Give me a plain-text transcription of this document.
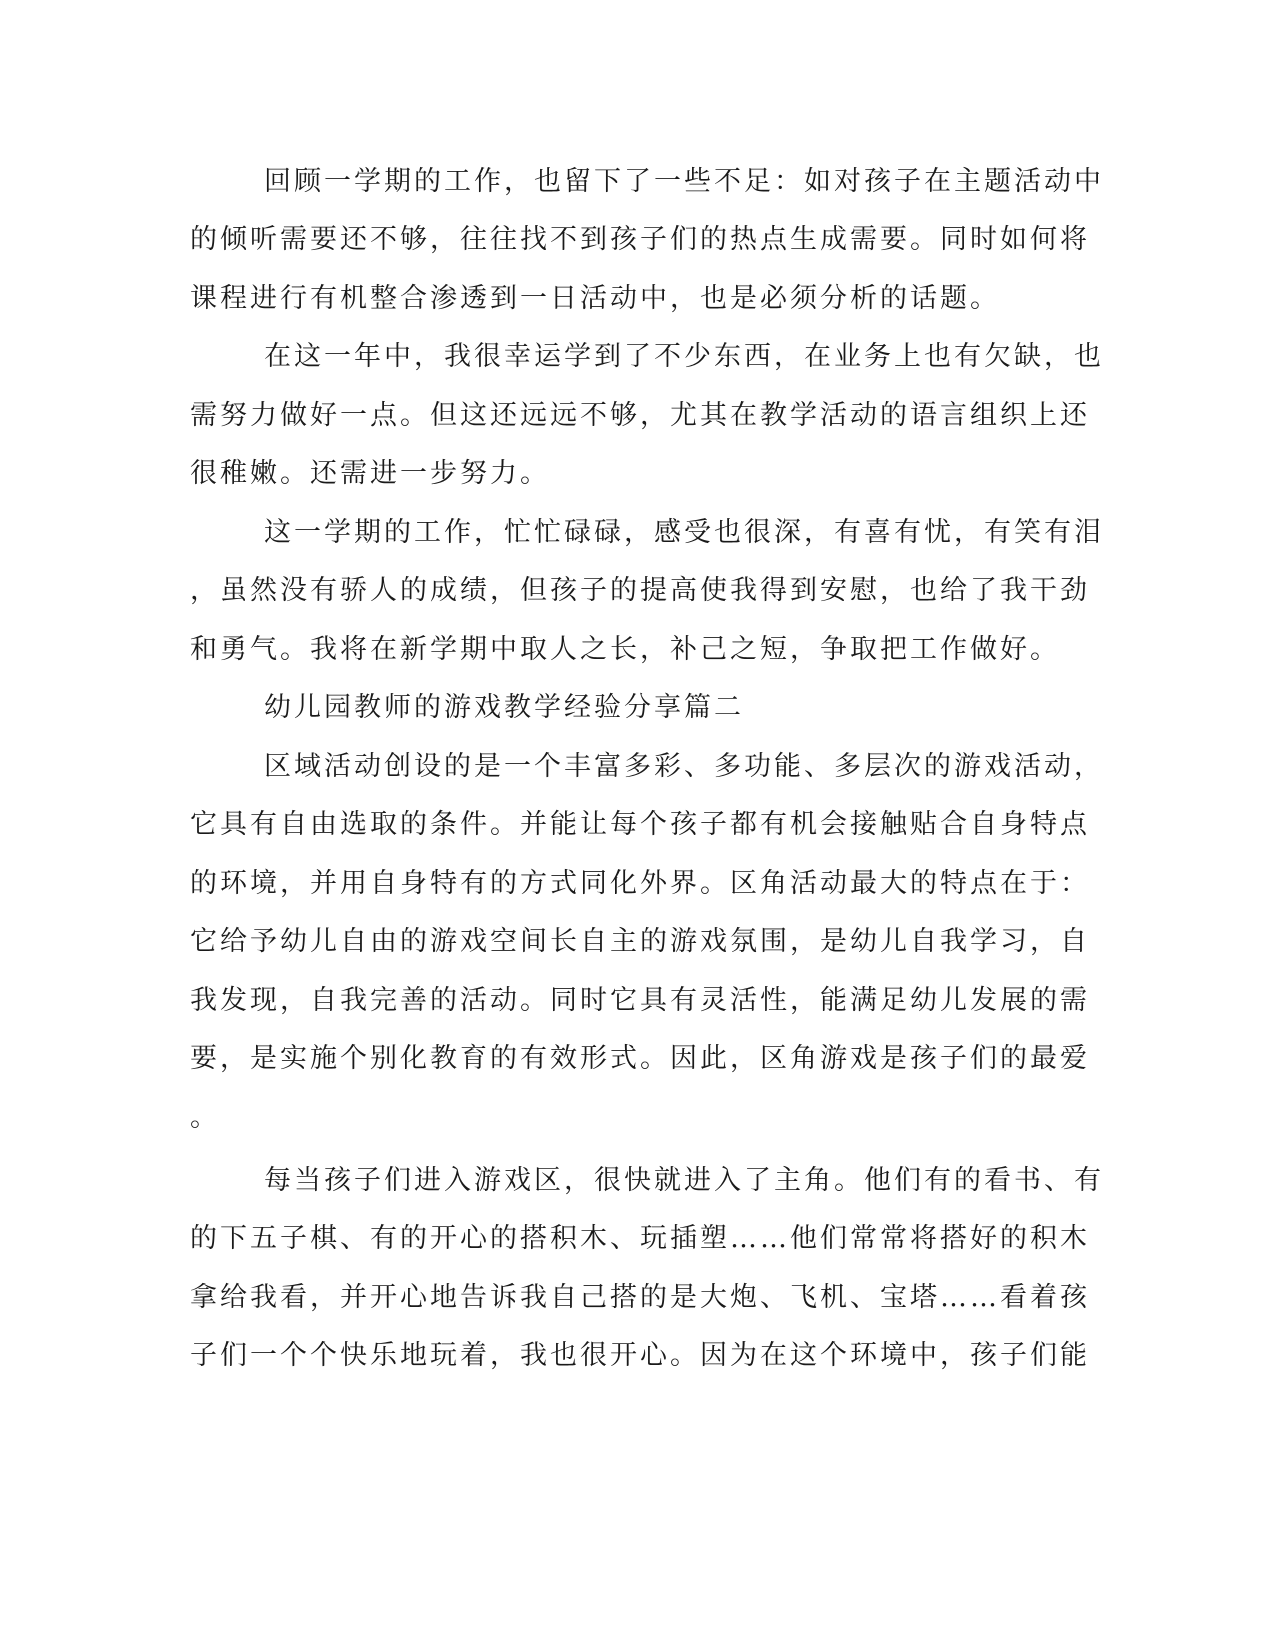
回顾一学期的工作，也留下了一些不足：如对孩子在主题活动中
的倾听需要还不够，往往找不到孩子们的热点生成需要。同时如何将
课程进行有机整合渗透到一日活动中，也是必须分析的话题。
在这一年中，我很幸运学到了不少东西，在业务上也有欠缺，也
需努力做好一点。但这还远远不够，尤其在教学活动的语言组织上还
很稚嫩。还需进一步努力。
这一学期的工作，忙忙碌碌，感受也很深，有喜有忧，有笑有泪
，虽然没有骄人的成绩，但孩子的提高使我得到安慰，也给了我干劲
和勇气。我将在新学期中取人之长，补己之短，争取把工作做好。
幼儿园教师的游戏教学经验分享篇二
区域活动创设的是一个丰富多彩、多功能、多层次的游戏活动，
它具有自由选取的条件。并能让每个孩子都有机会接触贴合自身特点
的环境，并用自身特有的方式同化外界。区角活动最大的特点在于：
它给予幼儿自由的游戏空间长自主的游戏氛围，是幼儿自我学习，自
我发现，自我完善的活动。同时它具有灵活性，能满足幼儿发展的需
要，是实施个别化教育的有效形式。因此，区角游戏是孩子们的最爱
。
每当孩子们进入游戏区，很快就进入了主角。他们有的看书、有
的下五子棋、有的开心的搭积木、玩插塑……他们常常将搭好的积木
拿给我看，并开心地告诉我自己搭的是大炮、飞机、宝塔……看着孩
子们一个个快乐地玩着，我也很开心。因为在这个环境中，孩子们能
